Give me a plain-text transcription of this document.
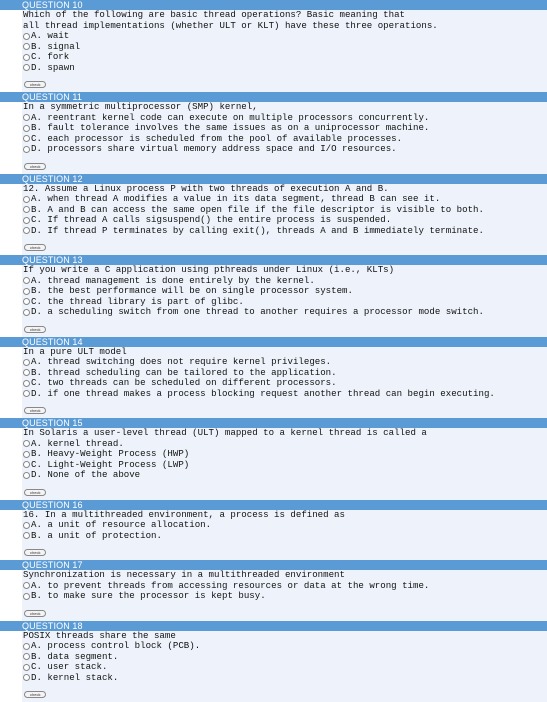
QUESTION 10
Which of the following are basic thread operations? Basic meaning that
all thread implementations (whether ULT or KLT) have these three operations.
A. wait
B. signal
C. fork
D. spawn
check
QUESTION 11
In a symmetric multiprocessor (SMP) kernel,
A. reentrant kernel code can execute on multiple processors concurrently.
B. fault tolerance involves the same issues as on a uniprocessor machine.
C. each processor is scheduled from the pool of available processes.
D. processors share virtual memory address space and I/O resources.
check
QUESTION 12
12. Assume a Linux process P with two threads of execution A and B.
A. when thread A modifies a value in its data segment, thread B can see it.
B. A and B can access the same open file if the file descriptor is visible to both.
C. If thread A calls sigsuspend() the entire process is suspended.
D. If thread P terminates by calling exit(), threads A and B immediately terminate.
check
QUESTION 13
If you write a C application using pthreads under Linux (i.e., KLTs)
A. thread management is done entirely by the kernel.
B. the best performance will be on single processor system.
C. the thread library is part of glibc.
D. a scheduling switch from one thread to another requires a processor mode switch.
check
QUESTION 14
In a pure ULT model
A. thread switching does not require kernel privileges.
B. thread scheduling can be tailored to the application.
C. two threads can be scheduled on different processors.
D. if one thread makes a process blocking request another thread can begin executing.
check
QUESTION 15
In Solaris a user-level thread (ULT) mapped to a kernel thread is called a
A. kernel thread.
B. Heavy-Weight Process (HWP)
C. Light-Weight Process (LWP)
D. None of the above
check
QUESTION 16
16. In a multithreaded environment, a process is defined as
A. a unit of resource allocation.
B. a unit of protection.
check
QUESTION 17
Synchronization is necessary in a multithreaded environment
A. to prevent threads from accessing resources or data at the wrong time.
B. to make sure the processor is kept busy.
check
QUESTION 18
POSIX threads share the same
A. process control block (PCB).
B. data segment.
C. user stack.
D. kernel stack.
check
